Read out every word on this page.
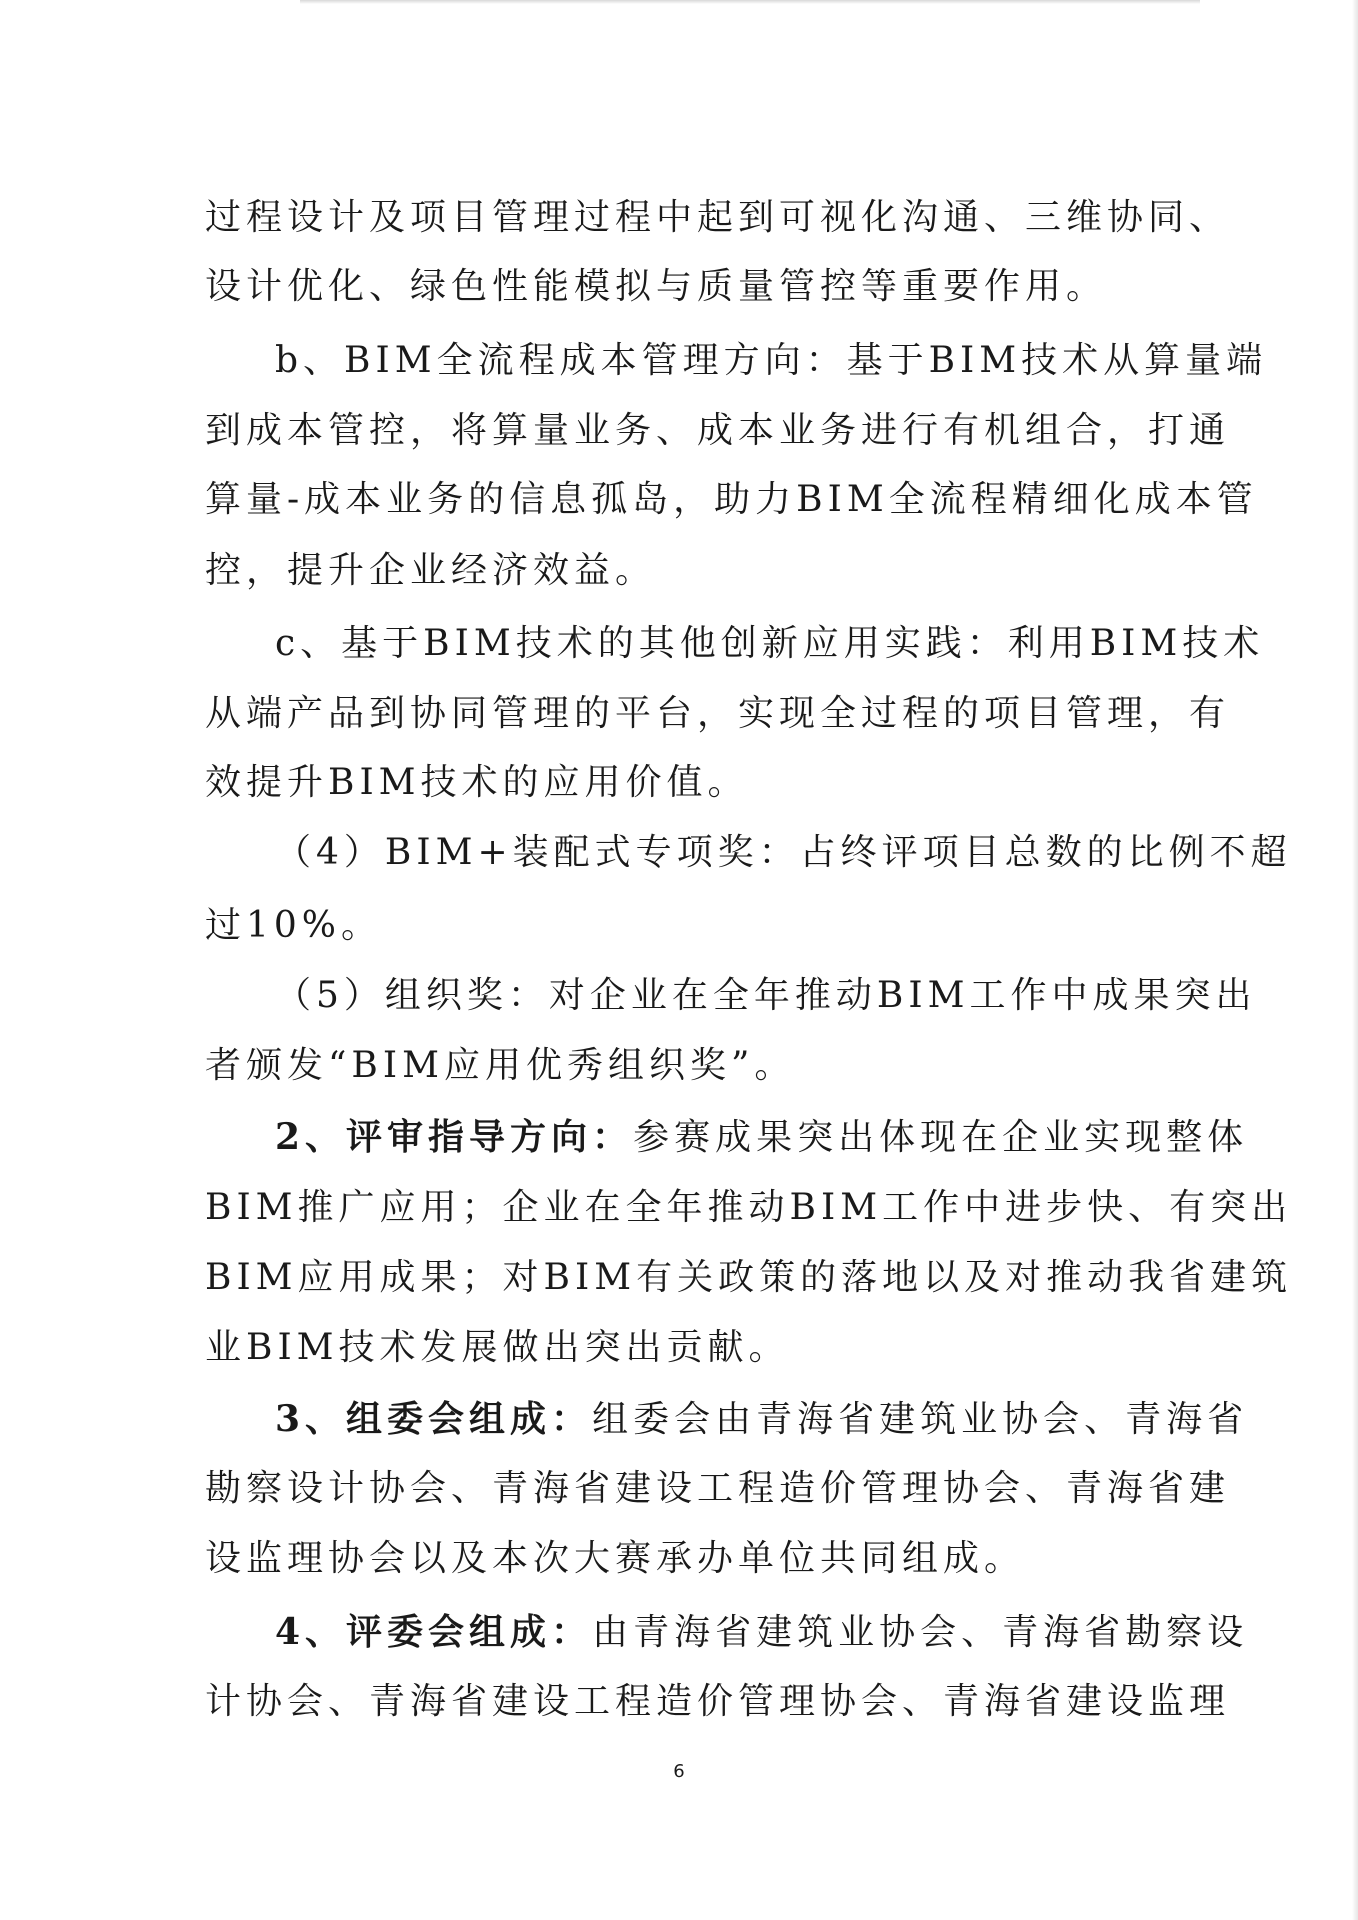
过程设计及项目管理过程中起到可视化沟通、三维协同、
设计优化、绿色性能模拟与质量管控等重要作用。
b、BIM全流程成本管理方向：基于BIM技术从算量端
到成本管控，将算量业务、成本业务进行有机组合，打通
算量-成本业务的信息孤岛，助力BIM全流程精细化成本管
控，提升企业经济效益。
c、基于BIM技术的其他创新应用实践：利用BIM技术
从端产品到协同管理的平台，实现全过程的项目管理，有
效提升BIM技术的应用价值。
（4）BIM+装配式专项奖：占终评项目总数的比例不超
过10%。
（5）组织奖：对企业在全年推动BIM工作中成果突出
者颁发“BIM应用优秀组织奖”。
2、评审指导方向：参赛成果突出体现在企业实现整体
BIM推广应用；企业在全年推动BIM工作中进步快、有突出
BIM应用成果；对BIM有关政策的落地以及对推动我省建筑
业BIM技术发展做出突出贡献。
3、组委会组成：组委会由青海省建筑业协会、青海省
勘察设计协会、青海省建设工程造价管理协会、青海省建
设监理协会以及本次大赛承办单位共同组成。
4、评委会组成：由青海省建筑业协会、青海省勘察设
计协会、青海省建设工程造价管理协会、青海省建设监理
6
